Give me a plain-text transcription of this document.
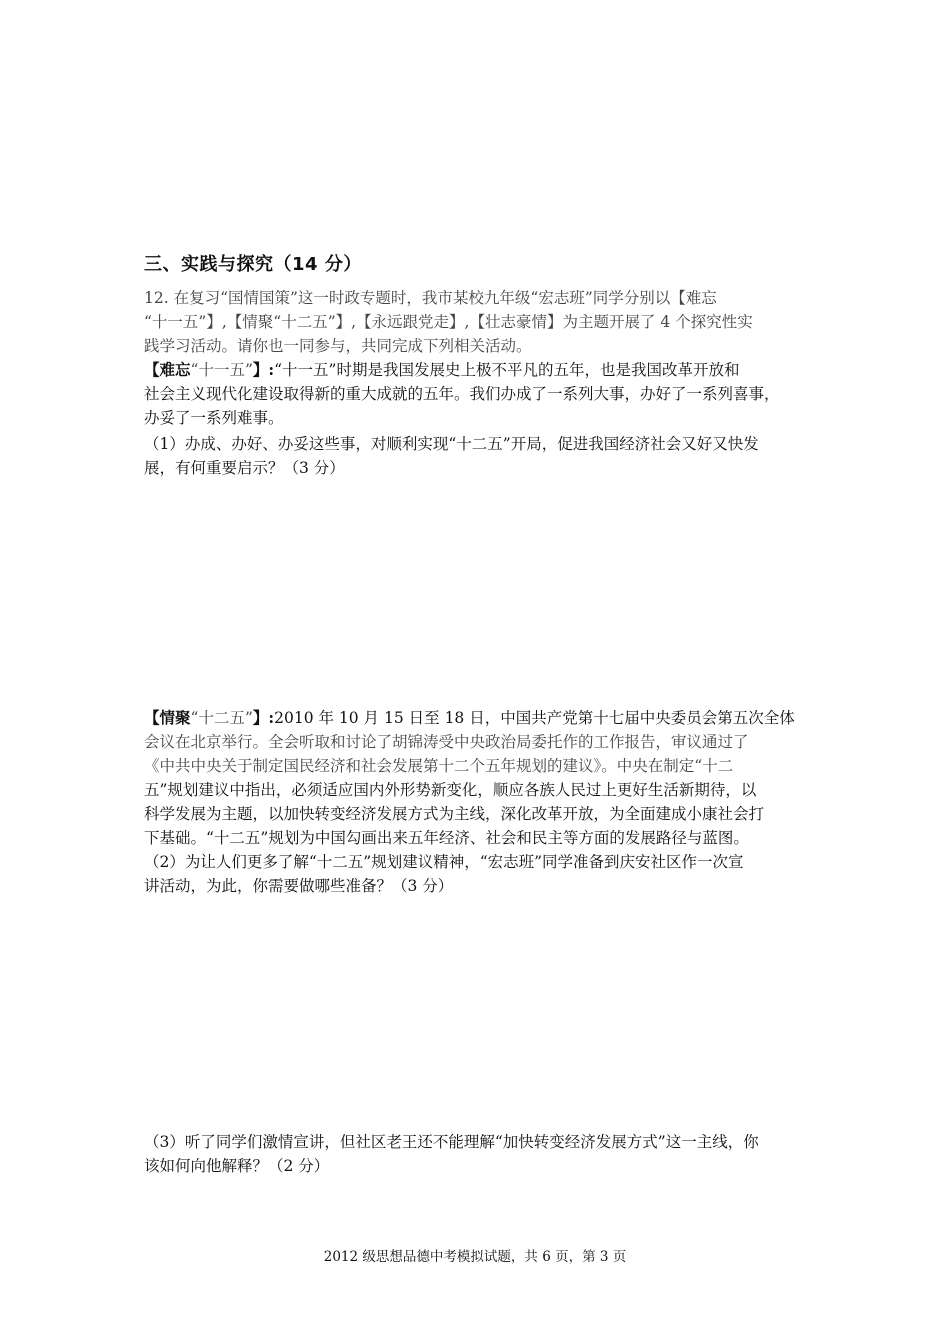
三、实践与探究（14 分）
12. 在复习“国情国策”这一时政专题时，我市某校九年级“宏志班”同学分别以【难忘
“十一五”】,【情聚“十二五”】,【永远跟党走】,【壮志豪情】为主题开展了 4 个探究性实
践学习活动。请你也一同参与，共同完成下列相关活动。
【难忘“十一五”】:“十一五”时期是我国发展史上极不平凡的五年，也是我国改革开放和
社会主义现代化建设取得新的重大成就的五年。我们办成了一系列大事，办好了一系列喜事，
办妥了一系列难事。
（1）办成、办好、办妥这些事，对顺利实现“十二五”开局，促进我国经济社会又好又快发
展，有何重要启示？（3 分）
【情聚“十二五”】:2010 年 10 月 15 日至 18 日，中国共产党第十七届中央委员会第五次全体
会议在北京举行。全会听取和讨论了胡锦涛受中央政治局委托作的工作报告，审议通过了
《中共中央关于制定国民经济和社会发展第十二个五年规划的建议》。中央在制定“十二
五”规划建议中指出，必须适应国内外形势新变化，顺应各族人民过上更好生活新期待，以
科学发展为主题，以加快转变经济发展方式为主线，深化改革开放，为全面建成小康社会打
下基础。“十二五”规划为中国勾画出来五年经济、社会和民主等方面的发展路径与蓝图。
（2）为让人们更多了解“十二五”规划建议精神，“宏志班”同学准备到庆安社区作一次宣
讲活动，为此，你需要做哪些准备？（3 分）
（3）听了同学们激情宣讲，但社区老王还不能理解“加快转变经济发展方式”这一主线，你
该如何向他解释？（2 分）
2012 级思想品德中考模拟试题，共 6 页，第 3 页
